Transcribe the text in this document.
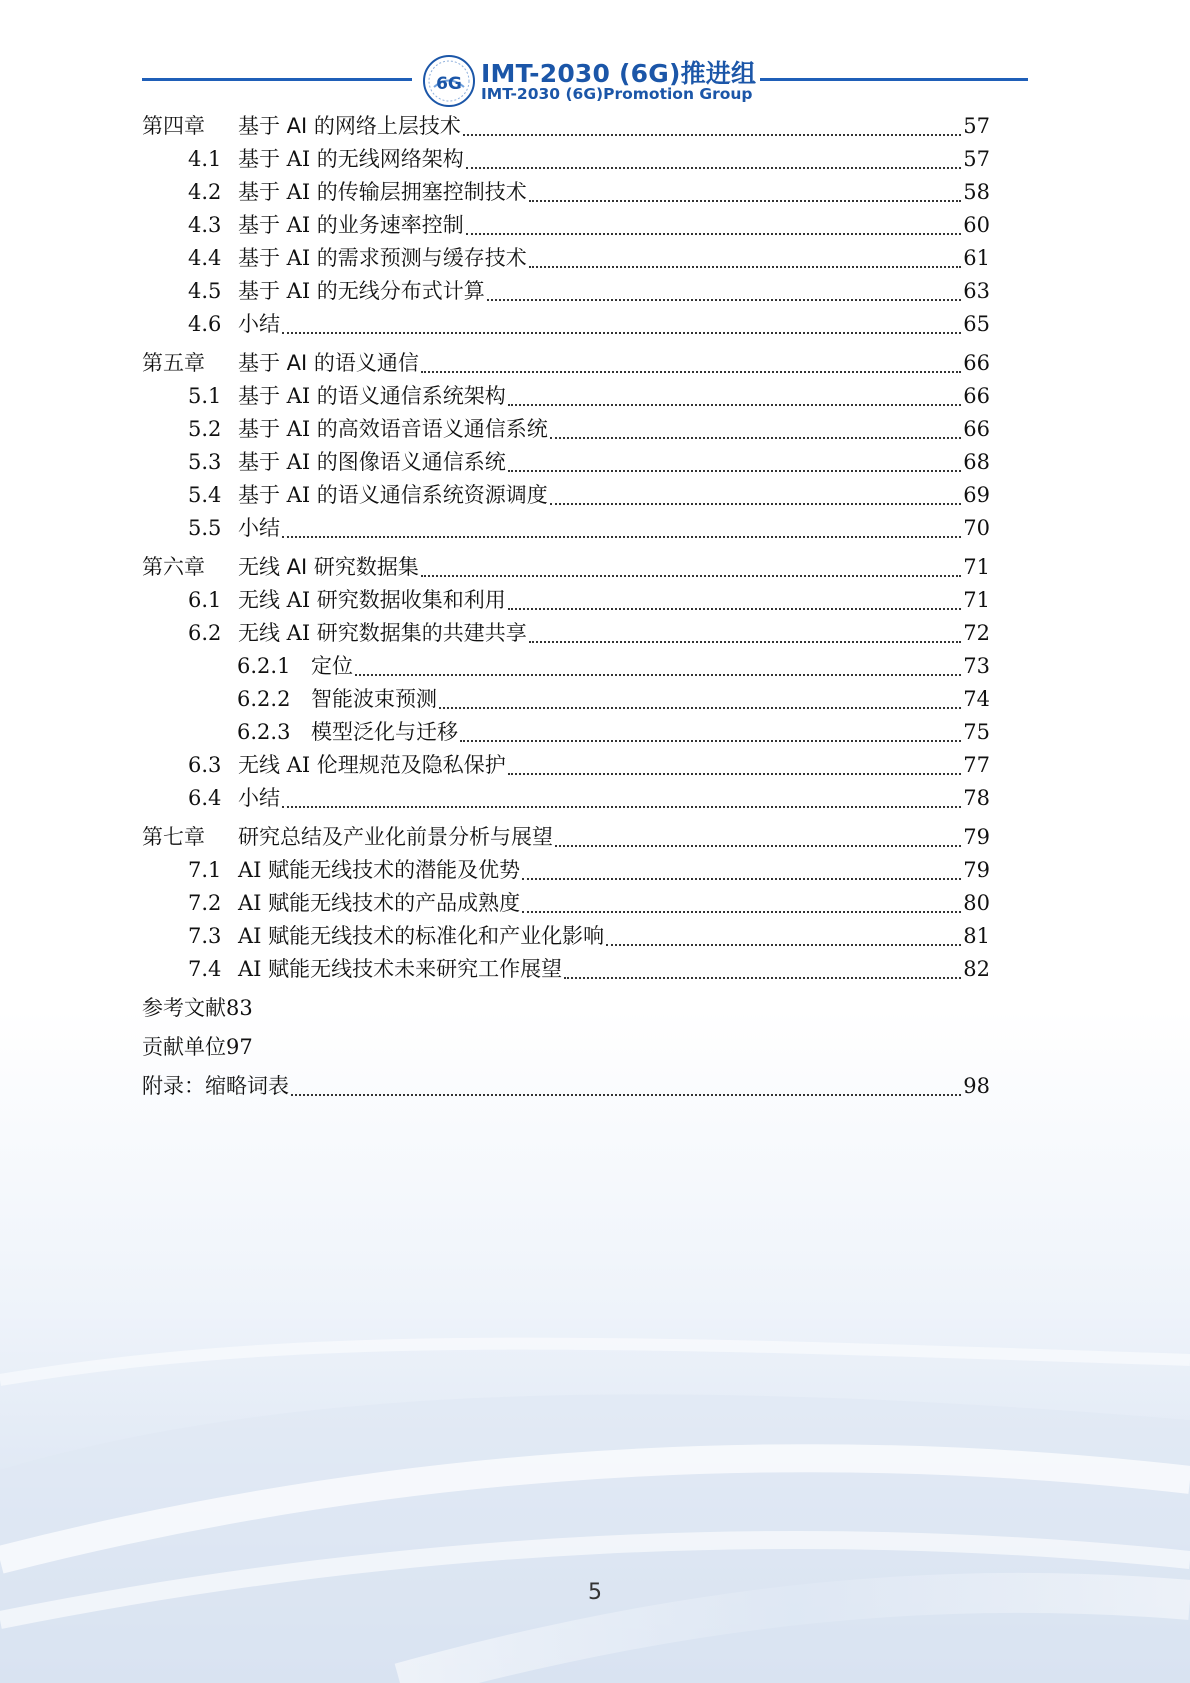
6G IMT-2030 (6G)推进组
IMT-2030 (6G)Promotion Group
第四章	基于 AI 的网络上层技术	57
4.1 基于 AI 的无线网络架构	57
4.2 基于 AI 的传输层拥塞控制技术	58
4.3 基于 AI 的业务速率控制	60
4.4 基于 AI 的需求预测与缓存技术	61
4.5 基于 AI 的无线分布式计算	63
4.6 小结	65
第五章	基于 AI 的语义通信	66
5.1 基于 AI 的语义通信系统架构	66
5.2 基于 AI 的高效语音语义通信系统	66
5.3 基于 AI 的图像语义通信系统	68
5.4 基于 AI 的语义通信系统资源调度	69
5.5 小结	70
第六章	无线 AI 研究数据集	71
6.1 无线 AI 研究数据收集和利用	71
6.2 无线 AI 研究数据集的共建共享	72
6.2.1 定位	73
6.2.2 智能波束预测	74
6.2.3 模型泛化与迁移	75
6.3 无线 AI 伦理规范及隐私保护	77
6.4 小结	78
第七章	研究总结及产业化前景分析与展望	79
7.1 AI 赋能无线技术的潜能及优势	79
7.2 AI 赋能无线技术的产品成熟度	80
7.3 AI 赋能无线技术的标准化和产业化影响	81
7.4 AI 赋能无线技术未来研究工作展望	82
参考文献 83
贡献单位 97
附录：缩略词表	98
5
